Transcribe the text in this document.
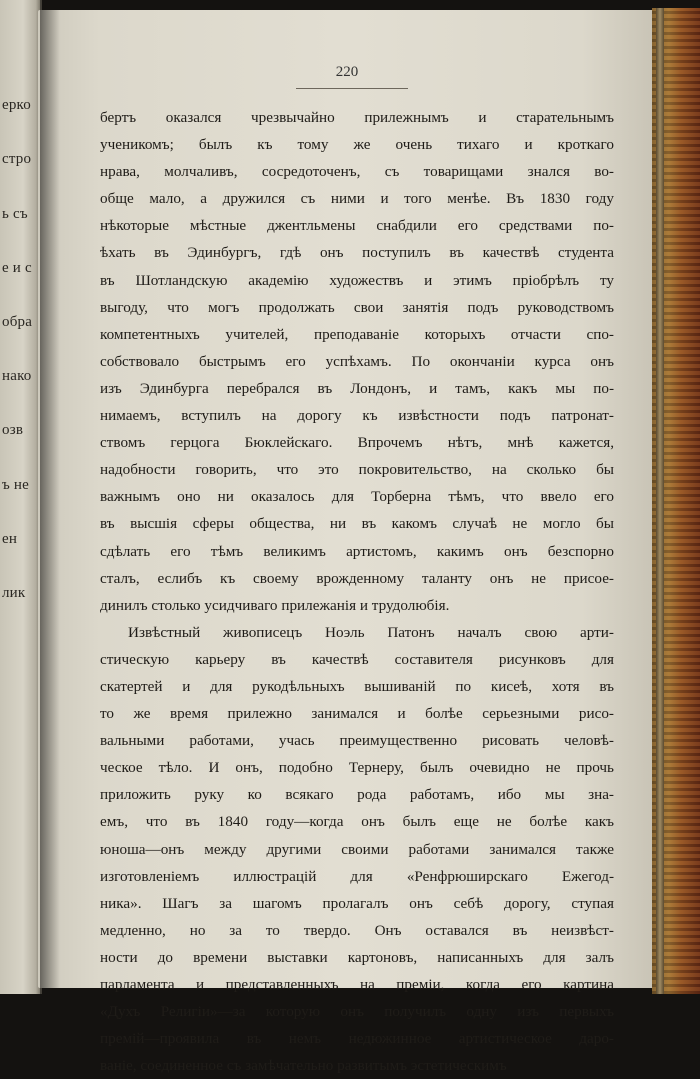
ерко
стро
ь съ
е и с
обра
нако
озв
ъ не
ен
лик
220
бертъ оказался чрезвычайно прилежнымъ и старательнымъ
ученикомъ; былъ къ тому же очень тихаго и кроткаго
нрава, молчаливъ, сосредоточенъ, съ товарищами знался во-
обще мало, а дружился съ ними и того менѣе. Въ 1830 году
нѣкоторые мѣстные джентльмены снабдили его средствами по-
ѣхать въ Эдинбургъ, гдѣ онъ поступилъ въ качествѣ студента
въ Шотландскую академію художествъ и этимъ пріобрѣлъ ту
выгоду, что могъ продолжать свои занятія подъ руководствомъ
компетентныхъ учителей, преподаваніе которыхъ отчасти спо-
собствовало быстрымъ его успѣхамъ. По окончаніи курса онъ
изъ Эдинбурга перебрался въ Лондонъ, и тамъ, какъ мы по-
нимаемъ, вступилъ на дорогу къ извѣстности подъ патронат-
ствомъ герцога Бюклейскаго. Впрочемъ нѣтъ, мнѣ кажется,
надобности говорить, что это покровительство, на сколько бы
важнымъ оно ни оказалось для Торберна тѣмъ, что ввело его
въ высшія сферы общества, ни въ какомъ случаѣ не могло бы
сдѣлать его тѣмъ великимъ артистомъ, какимъ онъ безспорно
сталъ, еслибъ къ своему врожденному таланту онъ не присое-
динилъ столько усидчиваго прилежанія и трудолюбія.
Извѣстный живописецъ Ноэль Патонъ началъ свою арти-
стическую карьеру въ качествѣ составителя рисунковъ для
скатертей и для рукодѣльныхъ вышиваній по кисеѣ, хотя въ
то же время прилежно занимался и болѣе серьезными рисо-
вальными работами, учась преимущественно рисовать человѣ-
ческое тѣло. И онъ, подобно Тернеру, былъ очевидно не прочь
приложить руку ко всякаго рода работамъ, ибо мы зна-
емъ, что въ 1840 году—когда онъ былъ еще не болѣе какъ
юноша—онъ между другими своими работами занимался также
изготовленіемъ иллюстрацій для «Ренфрюширскаго Ежегод-
ника». Шагъ за шагомъ пролагалъ онъ себѣ дорогу, ступая
медленно, но за то твердо. Онъ оставался въ неизвѣст-
ности до времени выставки картоновъ, написанныхъ для залъ
парламента и представленныхъ на преміи, когда его картина
«Духъ Религіи»—за которую онъ получилъ одну изъ первыхъ
премій—проявила въ немъ недюжинное артистическое даро-
ваніе, соединенное съ замѣчательно развитымъ эстетическимъ
